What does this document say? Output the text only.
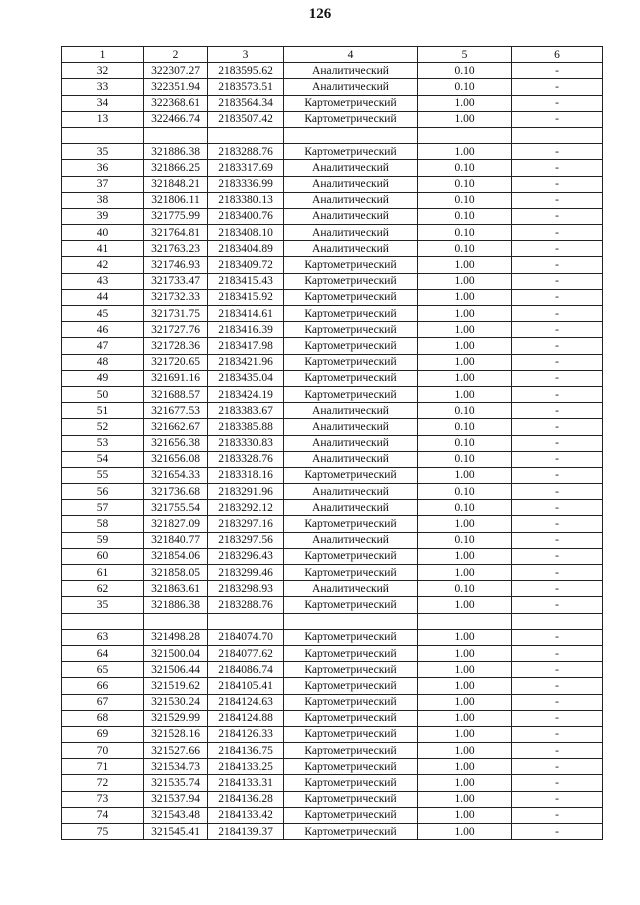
126
1	2	3	4	5	6
32	322307.27	2183595.62	Аналитический	0.10	-
33	322351.94	2183573.51	Аналитический	0.10	-
34	322368.61	2183564.34	Картометрический	1.00	-
13	322466.74	2183507.42	Картометрический	1.00	-

35	321886.38	2183288.76	Картометрический	1.00	-
36	321866.25	2183317.69	Аналитический	0.10	-
37	321848.21	2183336.99	Аналитический	0.10	-
38	321806.11	2183380.13	Аналитический	0.10	-
39	321775.99	2183400.76	Аналитический	0.10	-
40	321764.81	2183408.10	Аналитический	0.10	-
41	321763.23	2183404.89	Аналитический	0.10	-
42	321746.93	2183409.72	Картометрический	1.00	-
43	321733.47	2183415.43	Картометрический	1.00	-
44	321732.33	2183415.92	Картометрический	1.00	-
45	321731.75	2183414.61	Картометрический	1.00	-
46	321727.76	2183416.39	Картометрический	1.00	-
47	321728.36	2183417.98	Картометрический	1.00	-
48	321720.65	2183421.96	Картометрический	1.00	-
49	321691.16	2183435.04	Картометрический	1.00	-
50	321688.57	2183424.19	Картометрический	1.00	-
51	321677.53	2183383.67	Аналитический	0.10	-
52	321662.67	2183385.88	Аналитический	0.10	-
53	321656.38	2183330.83	Аналитический	0.10	-
54	321656.08	2183328.76	Аналитический	0.10	-
55	321654.33	2183318.16	Картометрический	1.00	-
56	321736.68	2183291.96	Аналитический	0.10	-
57	321755.54	2183292.12	Аналитический	0.10	-
58	321827.09	2183297.16	Картометрический	1.00	-
59	321840.77	2183297.56	Аналитический	0.10	-
60	321854.06	2183296.43	Картометрический	1.00	-
61	321858.05	2183299.46	Картометрический	1.00	-
62	321863.61	2183298.93	Аналитический	0.10	-
35	321886.38	2183288.76	Картометрический	1.00	-

63	321498.28	2184074.70	Картометрический	1.00	-
64	321500.04	2184077.62	Картометрический	1.00	-
65	321506.44	2184086.74	Картометрический	1.00	-
66	321519.62	2184105.41	Картометрический	1.00	-
67	321530.24	2184124.63	Картометрический	1.00	-
68	321529.99	2184124.88	Картометрический	1.00	-
69	321528.16	2184126.33	Картометрический	1.00	-
70	321527.66	2184136.75	Картометрический	1.00	-
71	321534.73	2184133.25	Картометрический	1.00	-
72	321535.74	2184133.31	Картометрический	1.00	-
73	321537.94	2184136.28	Картометрический	1.00	-
74	321543.48	2184133.42	Картометрический	1.00	-
75	321545.41	2184139.37	Картометрический	1.00	-
